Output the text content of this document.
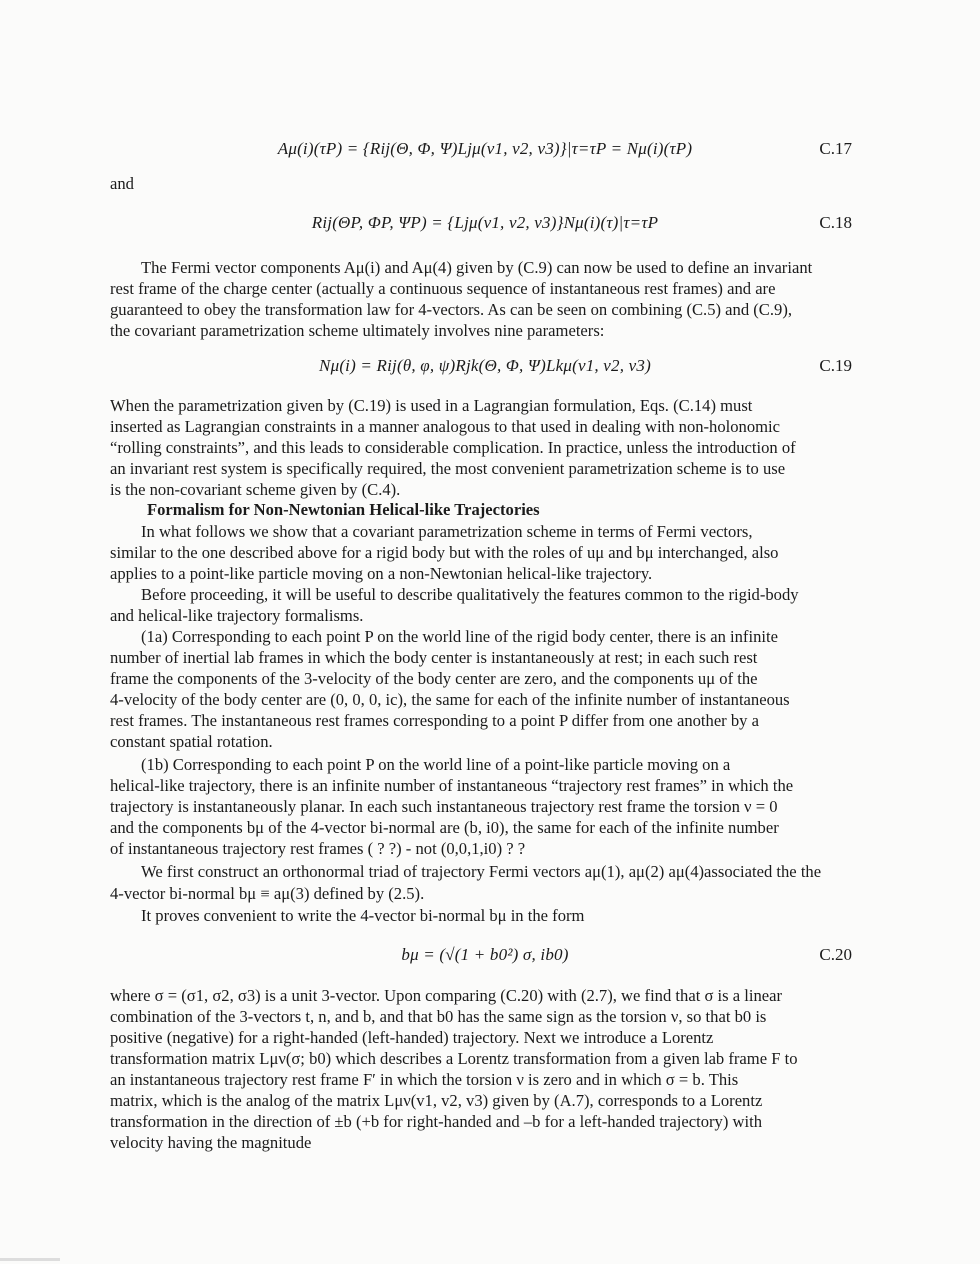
Aμ(i)(τP) = {Rij(Θ, Φ, Ψ)Ljμ(v1, v2, v3)}|τ=τP = Nμ(i)(τP)	C.17
and
Rij(ΘP, ΦP, ΨP) = {Ljμ(v1, v2, v3)}Nμ(i)(τ)|τ=τP	C.18
The Fermi vector components Aμ(i) and Aμ(4) given by (C.9) can now be used to define an invariant
rest frame of the charge center (actually a continuous sequence of instantaneous rest frames) and are
guaranteed to obey the transformation law for 4-vectors. As can be seen on combining (C.5) and (C.9),
the covariant parametrization scheme ultimately involves nine parameters:
Nμ(i) = Rij(θ, φ, ψ)Rjk(Θ, Φ, Ψ)Lkμ(v1, v2, v3)	C.19
When the parametrization given by (C.19) is used in a Lagrangian formulation, Eqs. (C.14) must
inserted as Lagrangian constraints in a manner analogous to that used in dealing with non-holonomic
“rolling constraints”, and this leads to considerable complication. In practice, unless the introduction of
an invariant rest system is specifically required, the most convenient parametrization scheme is to use
is the non-covariant scheme given by (C.4).
Formalism for Non-Newtonian Helical-like Trajectories
In what follows we show that a covariant parametrization scheme in terms of Fermi vectors,
similar to the one described above for a rigid body but with the roles of uμ and bμ interchanged, also
applies to a point-like particle moving on a non-Newtonian helical-like trajectory.
Before proceeding, it will be useful to describe qualitatively the features common to the rigid-body
and helical-like trajectory formalisms.
(1a) Corresponding to each point P on the world line of the rigid body center, there is an infinite
number of inertial lab frames in which the body center is instantaneously at rest; in each such rest
frame the components of the 3-velocity of the body center are zero, and the components uμ of the
4-velocity of the body center are (0, 0, 0, ic), the same for each of the infinite number of instantaneous
rest frames. The instantaneous rest frames corresponding to a point P differ from one another by a
constant spatial rotation.
(1b) Corresponding to each point P on the world line of a point-like particle moving on a
helical-like trajectory, there is an infinite number of instantaneous “trajectory rest frames” in which the
trajectory is instantaneously planar. In each such instantaneous trajectory rest frame the torsion ν = 0
and the components bμ of the 4-vector bi-normal are (b, i0), the same for each of the infinite number
of instantaneous trajectory rest frames ( ? ?) - not (0,0,1,i0) ? ?
We first construct an orthonormal triad of trajectory Fermi vectors aμ(1), aμ(2) aμ(4)associated the the
4-vector bi-normal bμ ≡ aμ(3) defined by (2.5).
It proves convenient to write the 4-vector bi-normal bμ in the form
bμ = (√(1 + b0²) σ, ib0)	C.20
where σ = (σ1, σ2, σ3) is a unit 3-vector. Upon comparing (C.20) with (2.7), we find that σ is a linear
combination of the 3-vectors t, n, and b, and that b0 has the same sign as the torsion ν, so that b0 is
positive (negative) for a right-handed (left-handed) trajectory. Next we introduce a Lorentz
transformation matrix Lμν(σ; b0) which describes a Lorentz transformation from a given lab frame F to
an instantaneous trajectory rest frame F′ in which the torsion ν is zero and in which σ = b. This
matrix, which is the analog of the matrix Lμν(v1, v2, v3) given by (A.7), corresponds to a Lorentz
transformation in the direction of ±b (+b for right-handed and –b for a left-handed trajectory) with
velocity having the magnitude
